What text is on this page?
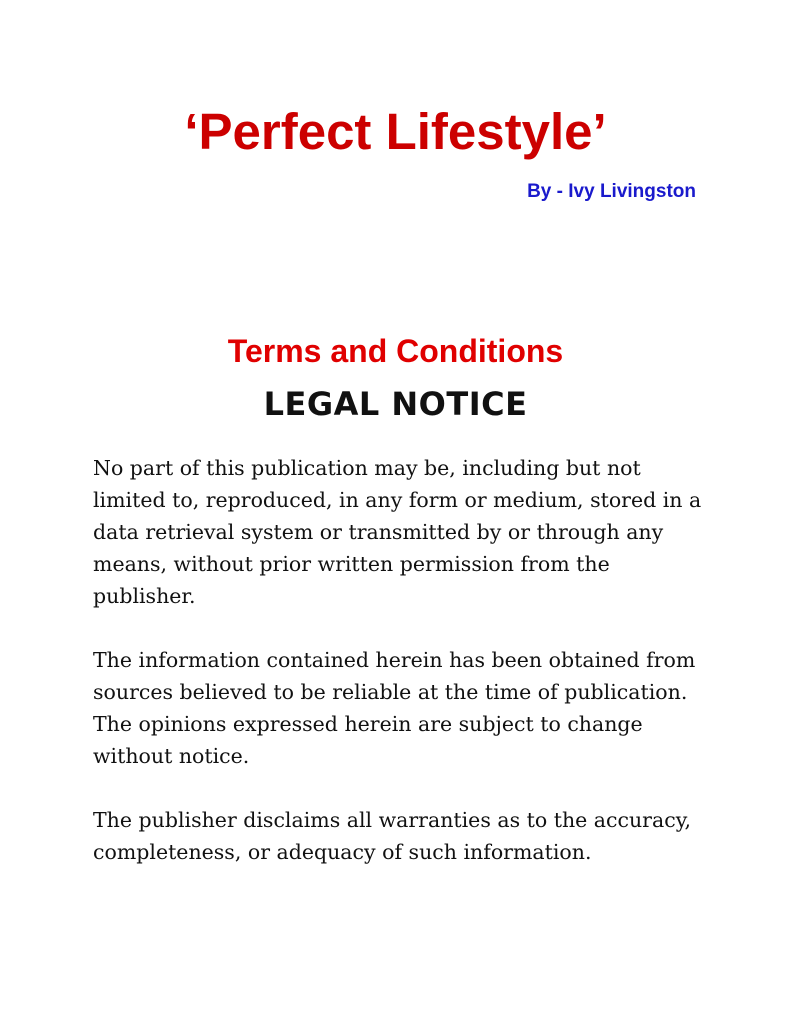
‘Perfect Lifestyle’
By - Ivy Livingston
Terms and Conditions
LEGAL NOTICE

No part of this publication may be, including but not limited to, reproduced, in any form or medium, stored in a data retrieval system or transmitted by or through any means, without prior written permission from the publisher.

The information contained herein has been obtained from sources believed to be reliable at the time of publication. The opinions expressed herein are subject to change without notice.

The publisher disclaims all warranties as to the accuracy, completeness, or adequacy of such information.
